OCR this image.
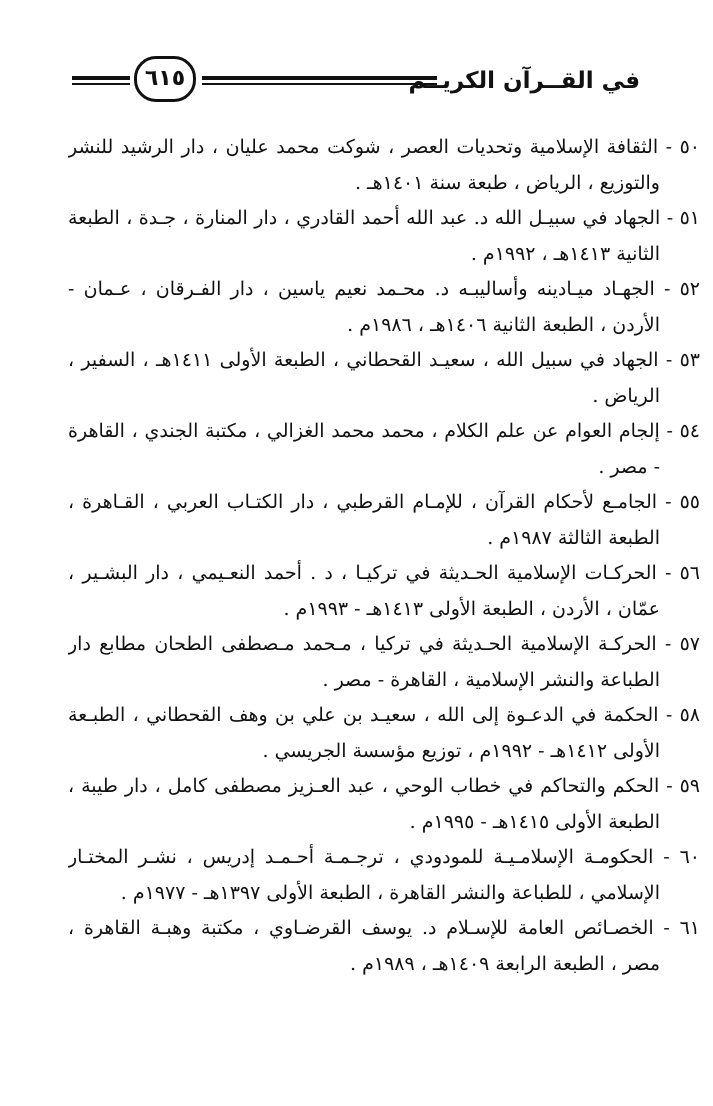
٦١٥	في القــرآن الكريــم
٥٠ - الثقافة الإسلامية وتحديات العصر ، شوكت محمد عليان ، دار الرشيد للنشر
والتوزيع ، الرياض ، طبعة سنة ١٤٠١هـ .
٥١ - الجهاد في سبيـل الله د. عبد الله أحمد القادري ، دار المنارة ، جـدة ، الطبعة
الثانية ١٤١٣هـ ، ١٩٩٢م .
٥٢ - الجهـاد ميـادينه وأساليبـه د. محـمد نعيم ياسين ، دار الفـرقان ، عـمان -
الأردن ، الطبعة الثانية ١٤٠٦هـ ، ١٩٨٦م .
٥٣ - الجهاد في سبيل الله ، سعيـد القحطاني ، الطبعة الأولى ١٤١١هـ ، السفير ،
الرياض .
٥٤ - إلجام العوام عن علم الكلام ، محمد محمد الغزالي ، مكتبة الجندي ، القاهرة
- مصر .
٥٥ - الجامـع لأحكام القرآن ، للإمـام القرطبي ، دار الكتـاب العربي ، القـاهرة ،
الطبعة الثالثة ١٩٨٧م .
٥٦ - الحركـات الإسلامية الحـديثة في تركيـا ، د . أحمد النعـيمي ، دار البشـير ،
عمّان ، الأردن ، الطبعة الأولى ١٤١٣هـ - ١٩٩٣م .
٥٧ - الحركـة الإسلامية الحـديثة في تركيا ، مـحمد مـصطفى الطحان مطابع دار
الطباعة والنشر الإسلامية ، القاهرة - مصر .
٥٨ - الحكمة في الدعـوة إلى الله ، سعيـد بن علي بن وهف القحطاني ، الطبـعة
الأولى ١٤١٢هـ - ١٩٩٢م ، توزيع مؤسسة الجريسي .
٥٩ - الحكم والتحاكم في خطاب الوحي ، عبد العـزيز مصطفى كامل ، دار طيبة ،
الطبعة الأولى ١٤١٥هـ - ١٩٩٥م .
٦٠ - الحكومـة الإسلامـيـة للمودودي ، ترجـمـة أحـمـد إدريس ، نشـر المختـار
الإسلامي ، للطباعة والنشر القاهرة ، الطبعة الأولى ١٣٩٧هـ - ١٩٧٧م .
٦١ - الخصـائص العامة للإسـلام د. يوسف القرضـاوي ، مكتبة وهبـة القاهرة ،
مصر ، الطبعة الرابعة ١٤٠٩هـ ، ١٩٨٩م .
